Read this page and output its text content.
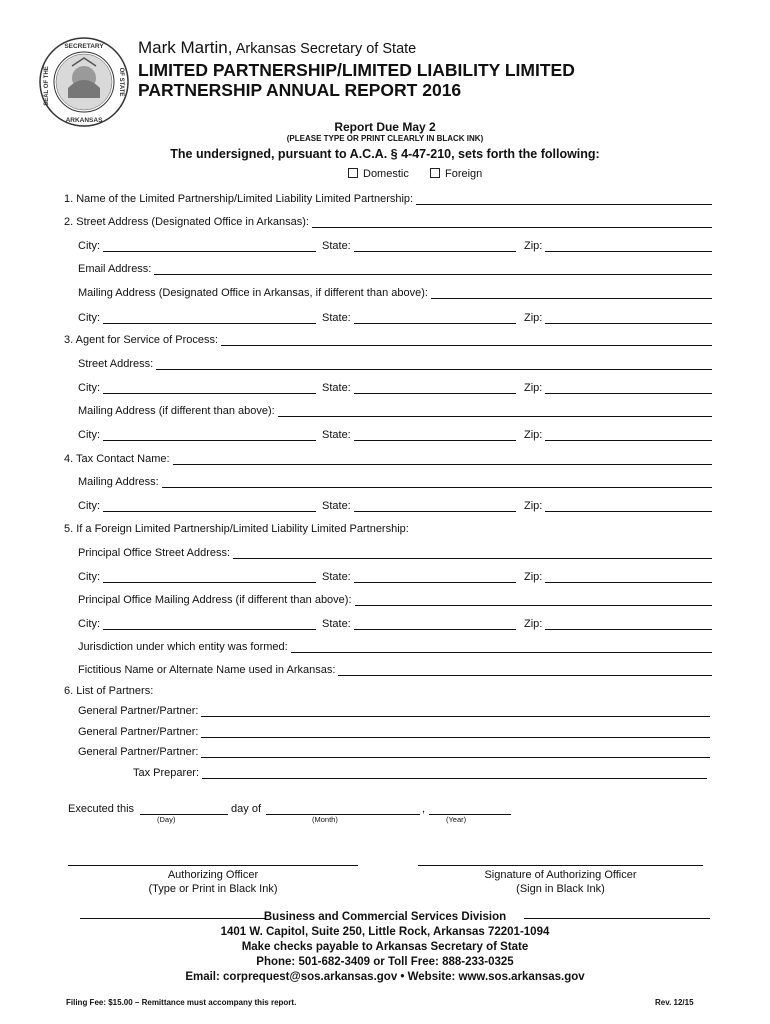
SECRETARY
ARKANSAS
SEAL OF THE	OF STATE
Mark Martin, Arkansas Secretary of State
LIMITED PARTNERSHIP/LIMITED LIABILITY LIMITED
PARTNERSHIP ANNUAL REPORT 2016
Report Due May 2
(PLEASE TYPE OR PRINT CLEARLY IN BLACK INK)
The undersigned, pursuant to A.C.A. § 4-47-210, sets forth the following:
Domestic	Foreign
1. Name of the Limited Partnership/Limited Liability Limited Partnership:
2. Street Address (Designated Office in Arkansas):
Email Address:
Mailing Address (Designated Office in Arkansas, if different than above):
3. Agent for Service of Process:
Street Address:
Mailing Address (if different than above):
4. Tax Contact Name:
Mailing Address:
5. If a Foreign Limited Partnership/Limited Liability Limited Partnership:
Principal Office Street Address:
Principal Office Mailing Address (if different than above):
Jurisdiction under which entity was formed:
Fictitious Name or Alternate Name used in Arkansas:
6. List of Partners:
General Partner/Partner:
General Partner/Partner:
General Partner/Partner:
Tax Preparer:
Executed this	day of	,
(Day)	(Month)	(Year)
Authorizing Officer
(Type or Print in Black Ink)
Signature of Authorizing Officer
(Sign in Black Ink)
Business and Commercial Services Division
1401 W. Capitol, Suite 250, Little Rock, Arkansas 72201-1094
Make checks payable to Arkansas Secretary of State
Phone: 501-682-3409 or Toll Free: 888-233-0325
Email: corprequest@sos.arkansas.gov • Website: www.sos.arkansas.gov
Filing Fee: $15.00 – Remittance must accompany this report.	Rev. 12/15
City:	State:	Zip:
City:	State:	Zip:
City:	State:	Zip:
City:	State:	Zip:
City:	State:	Zip:
City:	State:	Zip:
City:	State:	Zip:
